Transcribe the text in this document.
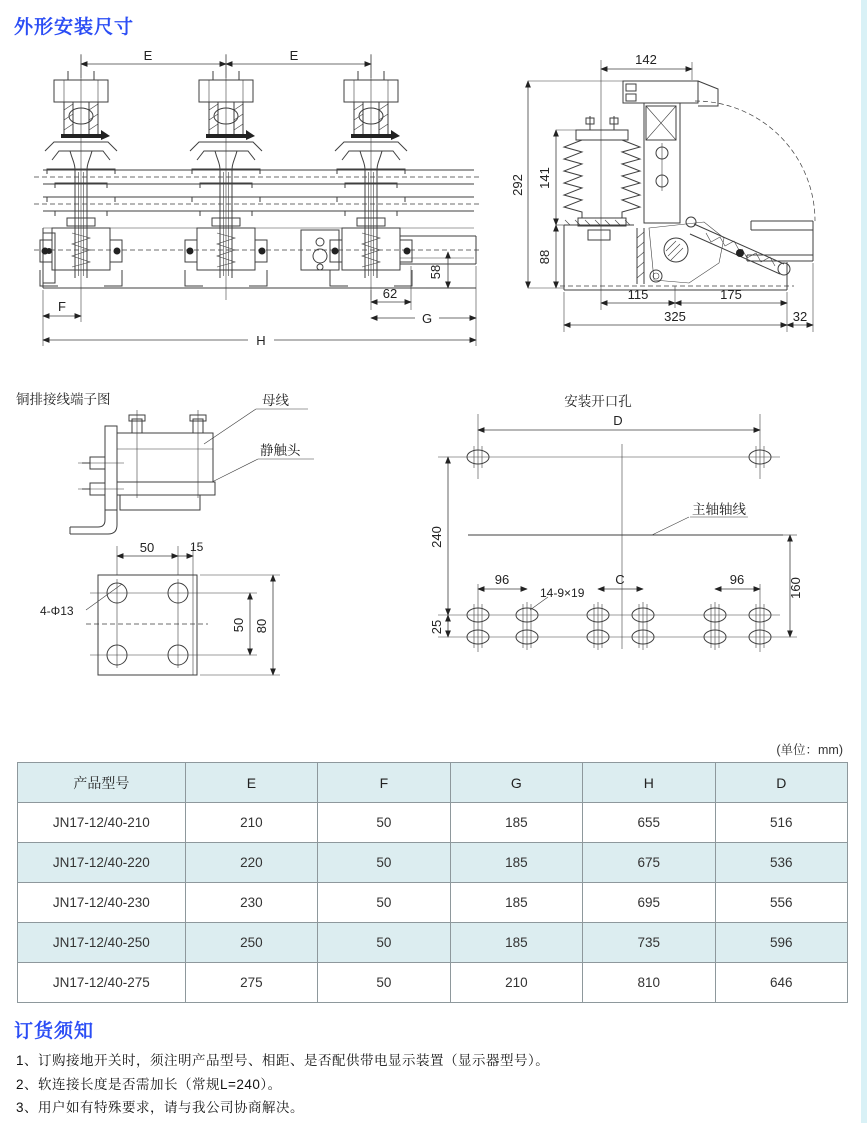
外形安装尺寸
E	E
58
62
G
F
H
142
292 141
88
115	175
325	32
铜排接线端子图	母线
静触头
50	15
4-Φ13
50 80
安装开口孔
主轴轴线
14-9×19
D
240
25
96	C	96	160
(单位：mm)
产品型号	E	F	G	H	D
JN17-12/40-210	210	50	185	655	516
JN17-12/40-220	220	50	185	675	536
JN17-12/40-230	230	50	185	695	556
JN17-12/40-250	250	50	185	735	596
JN17-12/40-275	275	50	210	810	646
订货须知
1、订购接地开关时，须注明产品型号、相距、是否配供带电显示装置（显示器型号）。
2、软连接长度是否需加长（常规L=240）。
3、用户如有特殊要求，请与我公司协商解决。
